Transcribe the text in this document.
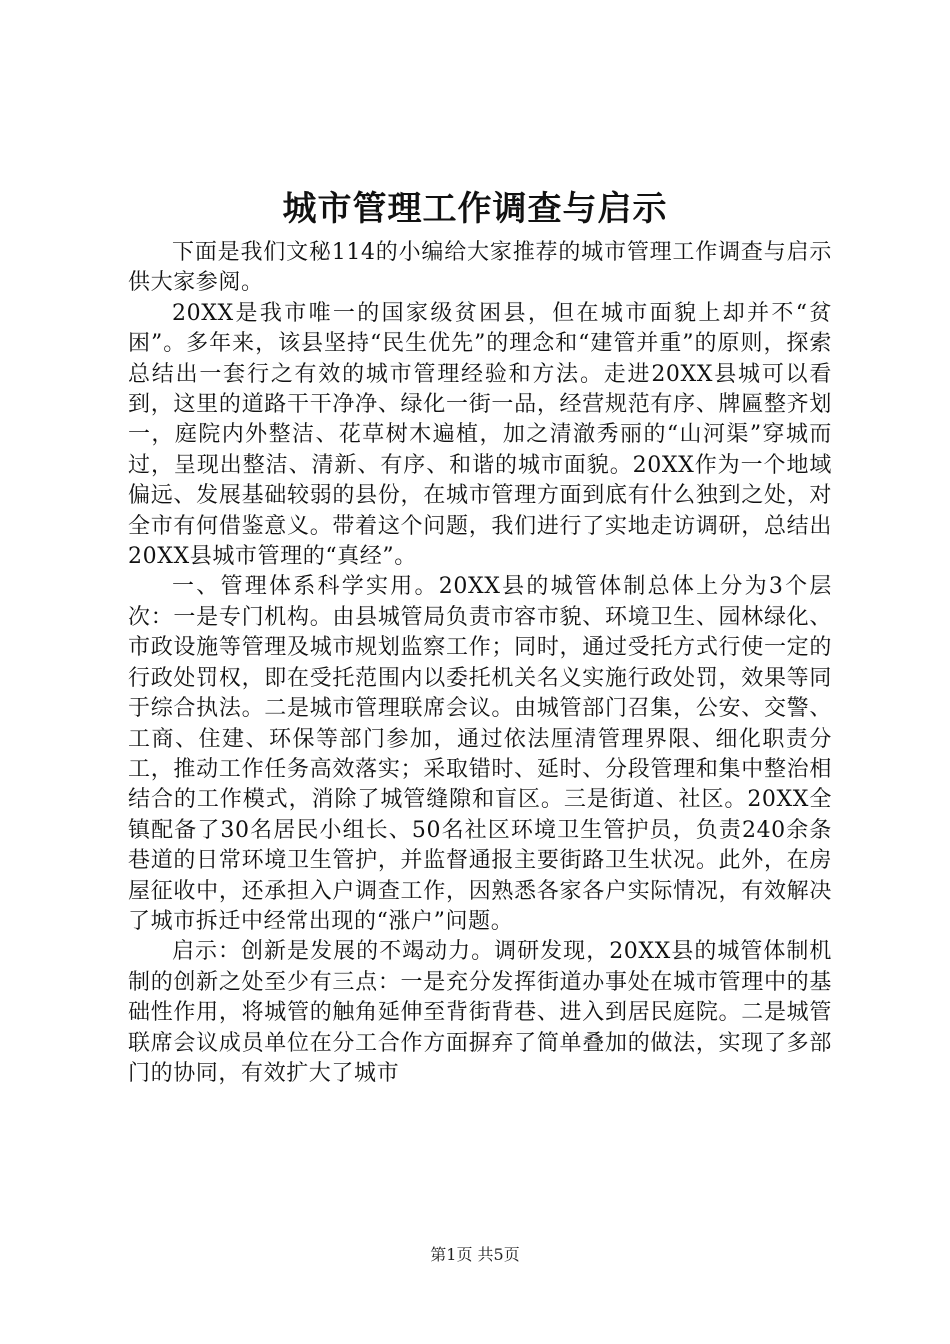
城市管理工作调查与启示

下面是我们文秘114的小编给大家推荐的城市管理工作调查与启示供大家参阅。

20XX是我市唯一的国家级贫困县，但在城市面貌上却并不“贫困”。多年来，该县坚持“民生优先”的理念和“建管并重”的原则，探索总结出一套行之有效的城市管理经验和方法。走进20XX县城可以看到，这里的道路干干净净、绿化一街一品，经营规范有序、牌匾整齐划一，庭院内外整洁、花草树木遍植，加之清澈秀丽的“山河渠”穿城而过，呈现出整洁、清新、有序、和谐的城市面貌。20XX作为一个地域偏远、发展基础较弱的县份，在城市管理方面到底有什么独到之处，对全市有何借鉴意义。带着这个问题，我们进行了实地走访调研，总结出20XX县城市管理的“真经”。

一、管理体系科学实用。20XX县的城管体制总体上分为3个层次：一是专门机构。由县城管局负责市容市貌、环境卫生、园林绿化、市政设施等管理及城市规划监察工作；同时，通过受托方式行使一定的行政处罚权，即在受托范围内以委托机关名义实施行政处罚，效果等同于综合执法。二是城市管理联席会议。由城管部门召集，公安、交警、工商、住建、环保等部门参加，通过依法厘清管理界限、细化职责分工，推动工作任务高效落实；采取错时、延时、分段管理和集中整治相结合的工作模式，消除了城管缝隙和盲区。三是街道、社区。20XX全镇配备了30名居民小组长、50名社区环境卫生管护员，负责240余条巷道的日常环境卫生管护，并监督通报主要街路卫生状况。此外，在房屋征收中，还承担入户调查工作，因熟悉各家各户实际情况，有效解决了城市拆迁中经常出现的“涨户”问题。

启示：创新是发展的不竭动力。调研发现，20XX县的城管体制机制的创新之处至少有三点：一是充分发挥街道办事处在城市管理中的基础性作用，将城管的触角延伸至背街背巷、进入到居民庭院。二是城管联席会议成员单位在分工合作方面摒弃了简单叠加的做法，实现了多部门的协同，有效扩大了城市

第1页 共5页
